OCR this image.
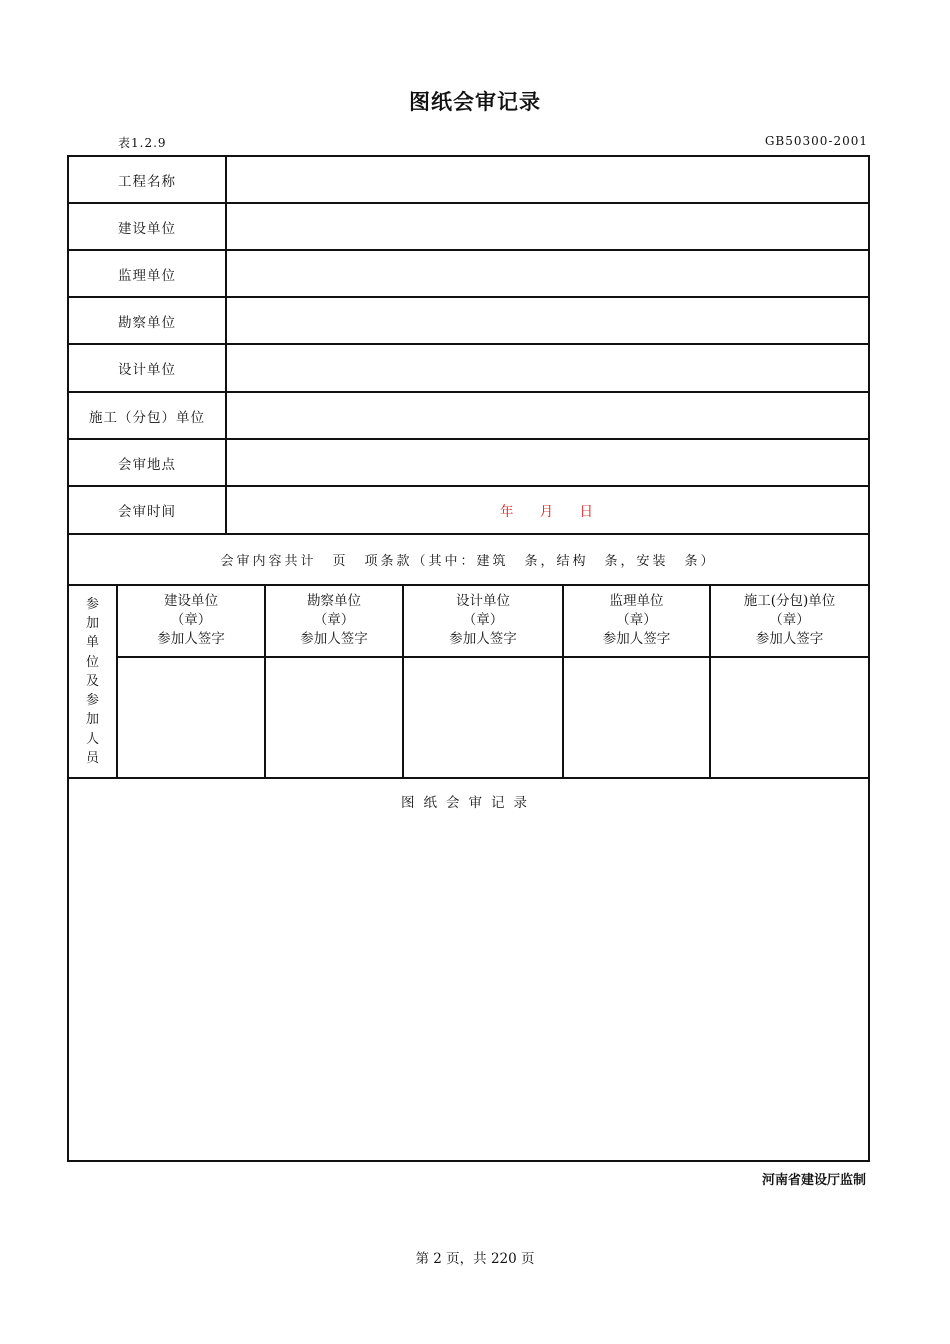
图纸会审记录
表1.2.9	GB50300-2001
工程名称
建设单位
监理单位
勘察单位
设计单位
施工（分包）单位
会审地点
会审时间	年 月 日
会审内容共计　页　项条款（其中：建筑　条，结构　条，安装　条）
参
加
单
位
及
参
加
人
员
建设单位
（章）
参加人签字
勘察单位
（章）
参加人签字
设计单位
（章）
参加人签字
监理单位
（章）
参加人签字
施工(分包)单位
（章）
参加人签字
图纸会审记录
河南省建设厅监制
第 2 页，共 220 页
